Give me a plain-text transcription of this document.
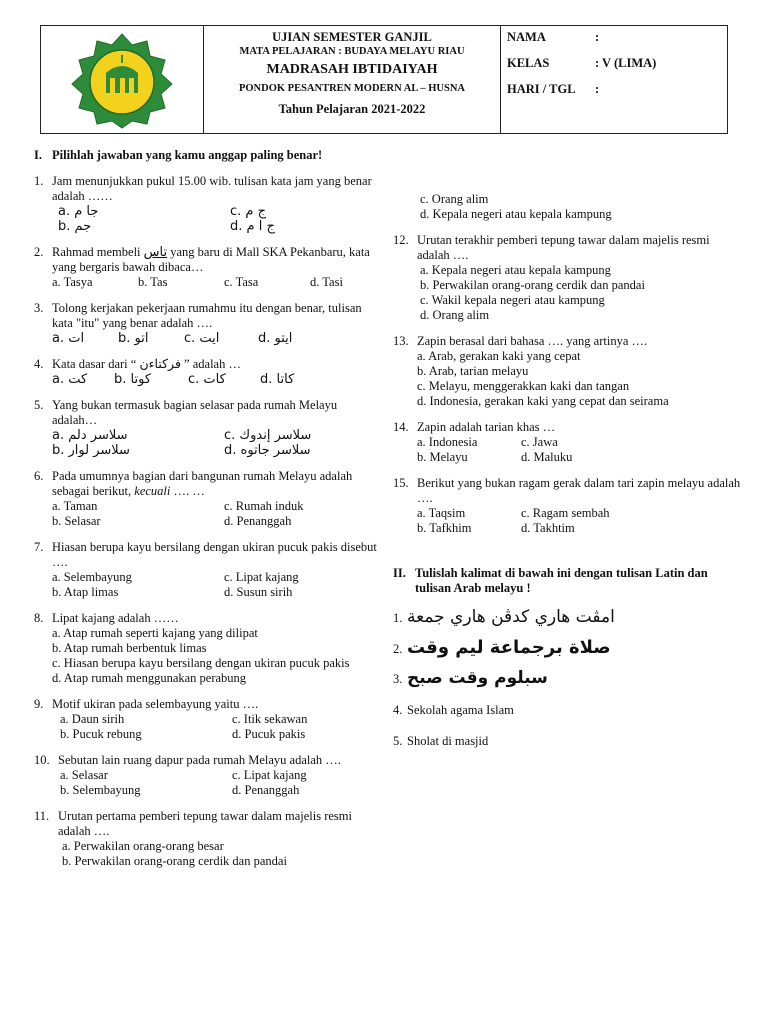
UJIAN SEMESTER GANJIL
MATA PELAJARAN : BUDAYA MELAYU RIAU
MADRASAH IBTIDAIYAH
PONDOK PESANTREN MODERN AL – HUSNA
Tahun Pelajaran 2021-2022
NAMA	:
KELAS	: V (LIMA)
HARI / TGL	:
I. Pilihlah jawaban yang kamu anggap paling benar!
1. Jam menunjukkan pukul 15.00 wib. tulisan kata jam yang benar adalah ……
a. جا م	c. ج م
b. جم	d. ج ا م
2. Rahmad membeli تاس yang baru di Mall SKA Pekanbaru, kata yang bergaris bawah dibaca…
a. Tasya	b. Tas	c. Tasa	d. Tasi
3. Tolong kerjakan pekerjaan rumahmu itu dengan benar, tulisan kata "itu" yang benar adalah ….
a. ات	b. اتو	c. ايت	d. ايتو
4. Kata dasar dari “ فركتاءن ” adalah …
a. كت	b. كوتا	c. كات	d. كاتا
5. Yang bukan termasuk bagian selasar pada rumah Melayu adalah…
a. سلاسر دلم	c. سلاسر إندوك
b. سلاسر لوار	d. سلاسر جاتوه
6. Pada umumnya bagian dari bangunan rumah Melayu adalah sebagai berikut, kecuali …. …
a. Taman	c. Rumah induk
b. Selasar	d. Penanggah
7. Hiasan berupa kayu bersilang dengan ukiran pucuk pakis disebut ….
a. Selembayung	c. Lipat kajang
b. Atap limas	d. Susun sirih
8. Lipat kajang adalah ……
a. Atap rumah seperti kajang yang dilipat
b. Atap rumah berbentuk limas
c. Hiasan berupa kayu bersilang dengan ukiran pucuk pakis
d. Atap rumah menggunakan perabung
9. Motif ukiran pada selembayung yaitu ….
a. Daun sirih	c. Itik sekawan
b. Pucuk rebung	d. Pucuk pakis
10. Sebutan lain ruang dapur pada rumah Melayu adalah ….
a. Selasar	c. Lipat kajang
b. Selembayung	d. Penanggah
11. Urutan pertama pemberi tepung tawar dalam majelis resmi adalah ….
a. Perwakilan orang-orang besar
b. Perwakilan orang-orang cerdik dan pandai
c. Orang alim
d. Kepala negeri atau kepala kampung
12. Urutan terakhir pemberi tepung tawar dalam majelis resmi adalah ….
a. Kepala negeri atau kepala kampung
b. Perwakilan orang-orang cerdik dan pandai
c. Wakil kepala negeri atau kampung
d. Orang alim
13. Zapin berasal dari bahasa …. yang artinya ….
a. Arab, gerakan kaki yang cepat
b. Arab, tarian melayu
c. Melayu, menggerakkan kaki dan tangan
d. Indonesia, gerakan kaki yang cepat dan seirama
14. Zapin adalah tarian khas …
a. Indonesia	c. Jawa
b. Melayu	d. Maluku
15. Berikut yang bukan ragam gerak dalam tari zapin melayu adalah ….
a. Taqsim	c. Ragam sembah
b. Tafkhim	d. Takhtim
II. Tulislah kalimat di bawah ini dengan tulisan Latin dan tulisan Arab melayu !
1. امڤت هاري كدڤن هاري جمعة
2. صلاة برجماعة ليم وقت
3. سبلوم وقت صبح
4. Sekolah agama Islam
5. Sholat di masjid
